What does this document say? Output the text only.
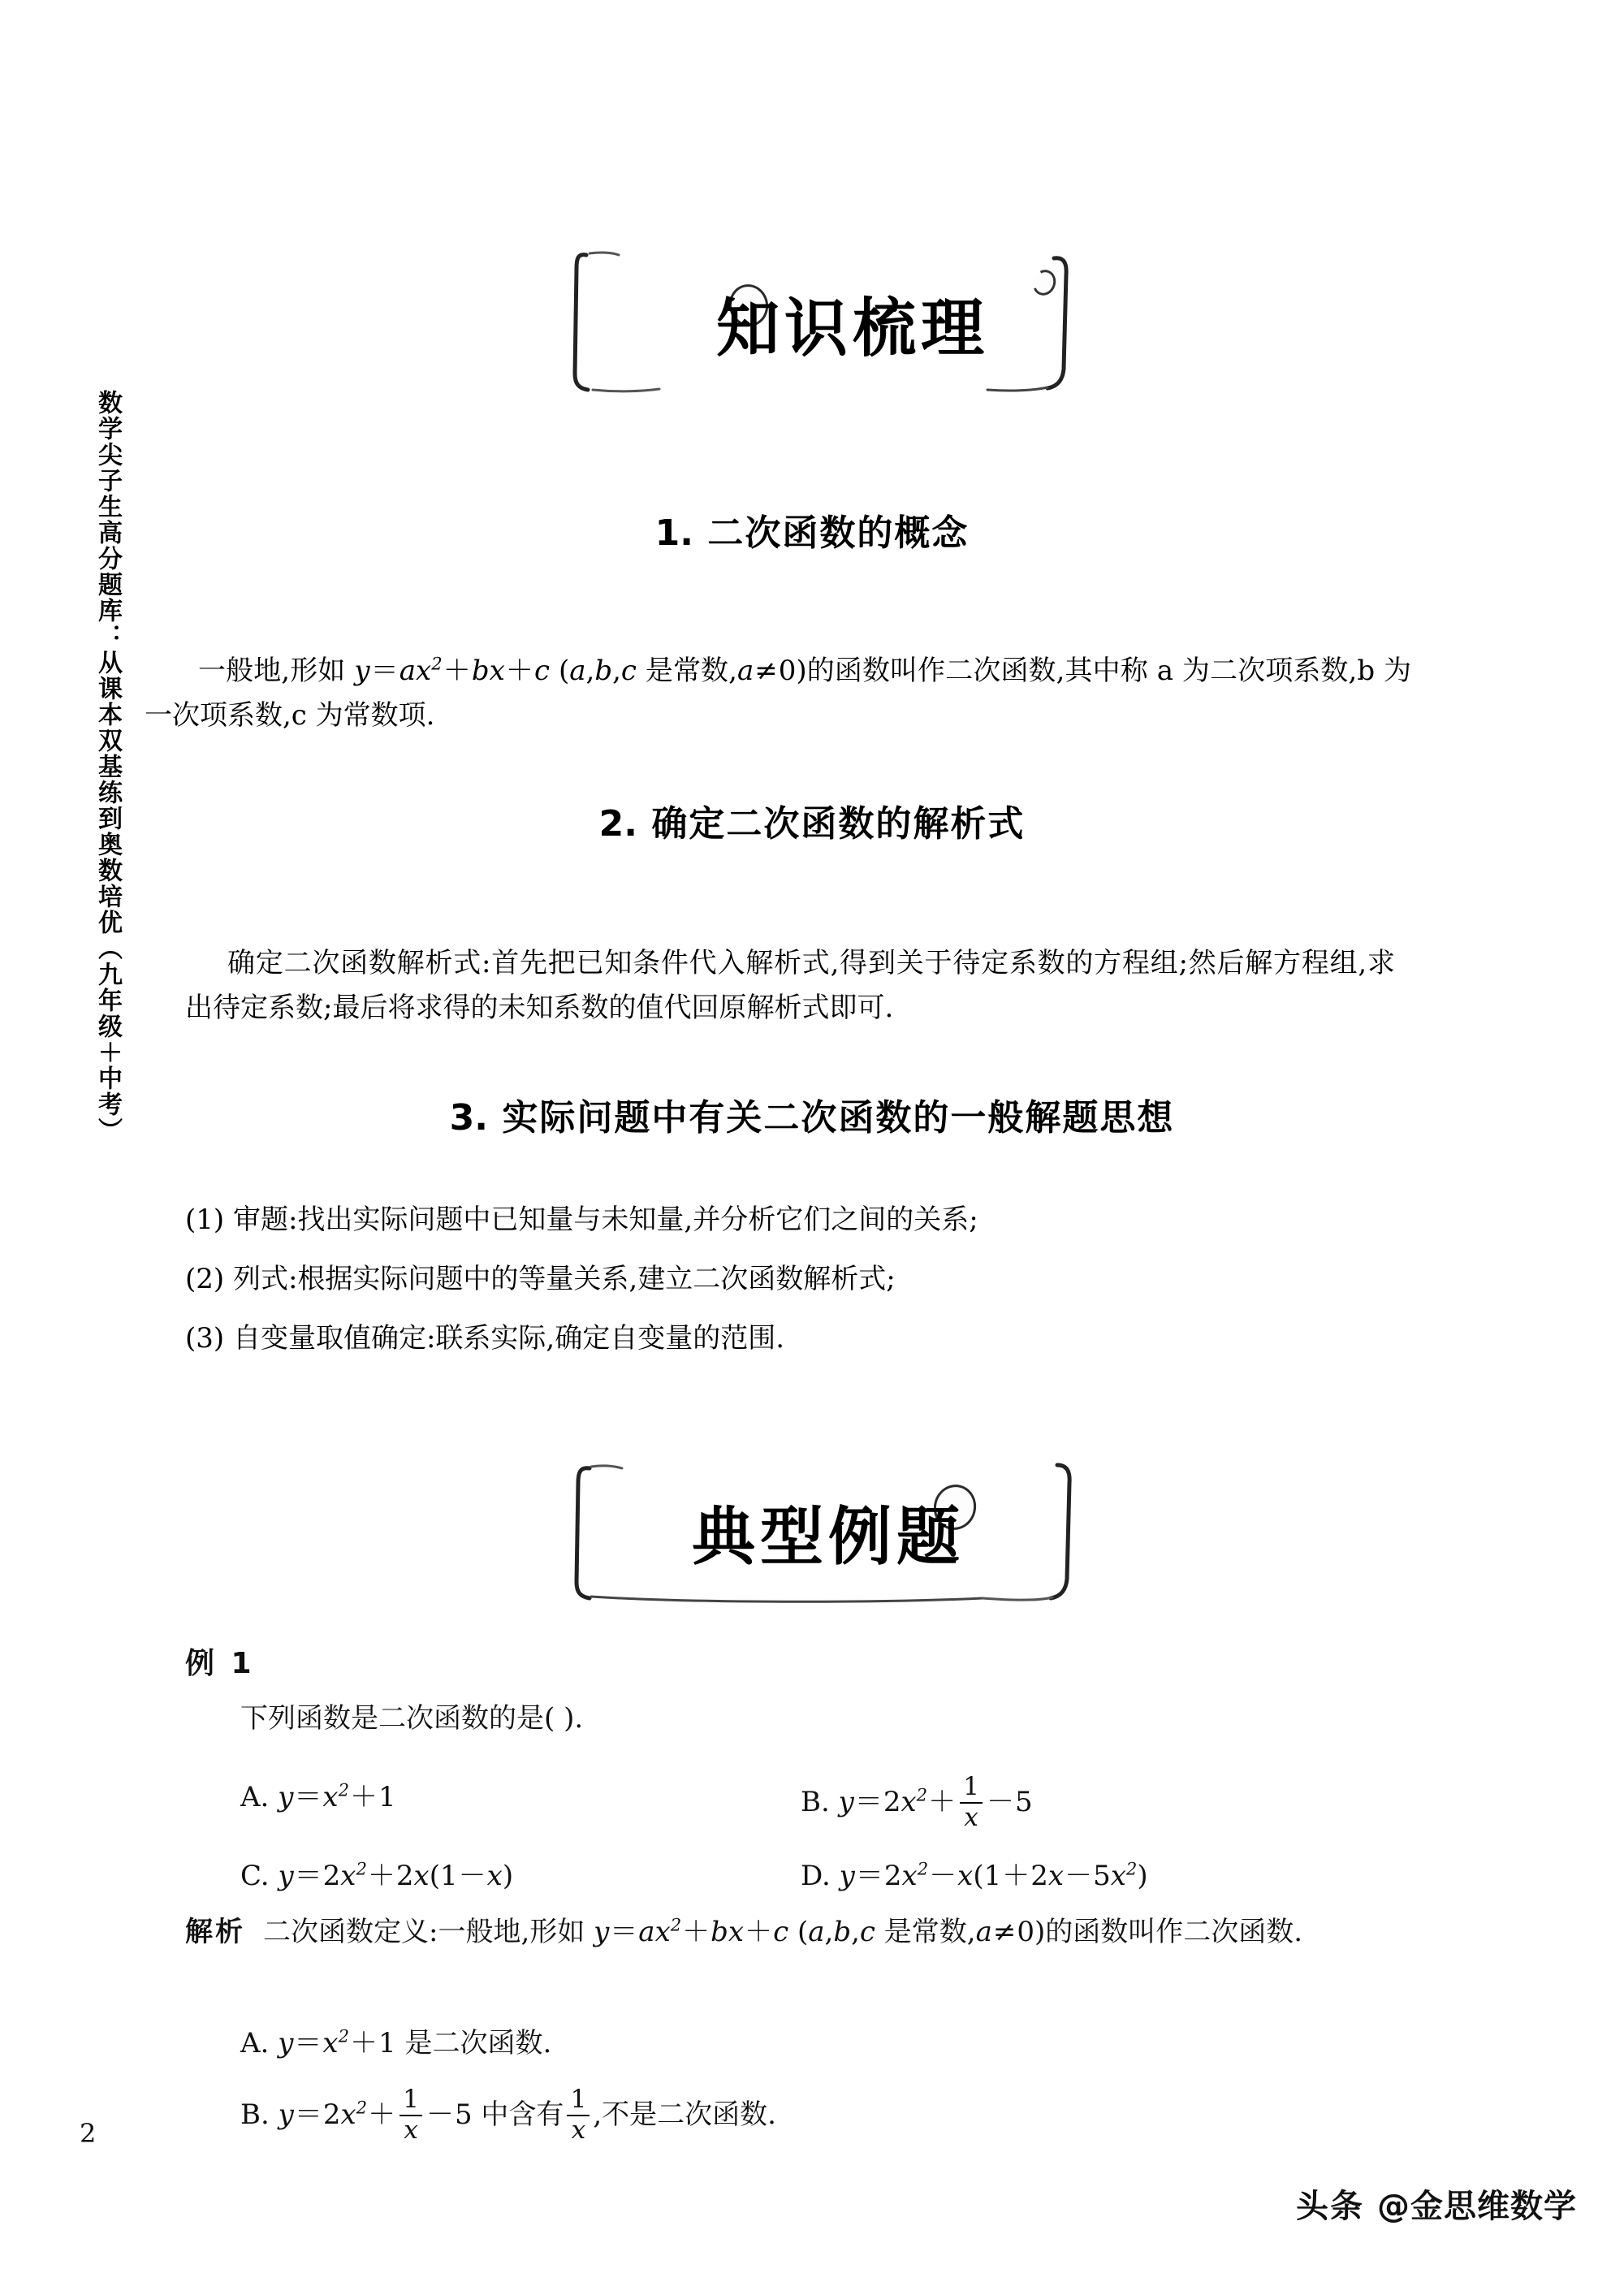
数学尖子生高分题库：从课本双基练到奥数培优（九年级＋中考）
知识梳理
1. 二次函数的概念

一般地,形如 $y=ax^2+bx+c$ (a,b,c 是常数,a≠0)的函数叫作二次函数,其中称 a 为二次项系数,b 为一次项系数,c 为常数项.

2. 确定二次函数的解析式

确定二次函数解析式:首先把已知条件代入解析式,得到关于待定系数的方程组;然后解方程组,求出待定系数;最后将求得的未知系数的值代回原解析式即可.

3. 实际问题中有关二次函数的一般解题思想
(1) 审题:找出实际问题中已知量与未知量,并分析它们之间的关系;
(2) 列式:根据实际问题中的等量关系,建立二次函数解析式;
(3) 自变量取值确定:联系实际,确定自变量的范围.
典型例题
例 1
下列函数是二次函数的是( ).
A. $y=x^2+1$	B. $y=2x^2+ \frac{1}{x} -5$
C. $y=2x^2+2x(1-x)$	D. $y=2x^2-x(1+2x-5x^2)$
解析 二次函数定义:一般地,形如 $y=ax^2+bx+c$ (a,b,c 是常数,a≠0)的函数叫作二次函数.
A. $y=x^2+1$ 是二次函数.
B. $y=2x^2+ \frac{1}{x} -5$ 中含有 $\frac{1}{x}$ ,不是二次函数.
2
头条 @金思维数学
